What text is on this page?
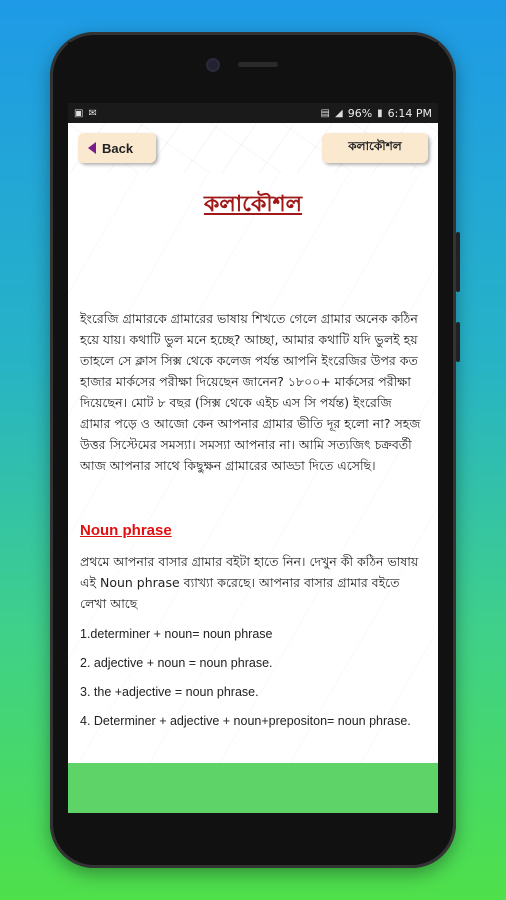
▣ ✉	▤ ◢ 96% ▮ 6:14 PM
Back	কলাকৌশল
কলাকৌশল

ইংরেজি গ্রামারকে গ্রামারের ভাষায় শিখতে গেলে গ্রামার অনেক কঠিন হয়ে যায়। কথাটি ভুল মনে হচ্ছে? আচ্ছা, আমার কথাটি যদি ভুলই হয় তাহলে সে ক্লাস সিক্স থেকে কলেজ পর্যন্ত আপনি ইংরেজির উপর কত হাজার মার্কসের পরীক্ষা দিয়েছেন জানেন? ১৮০০+ মার্কসের পরীক্ষা দিয়েছেন। মোট ৮ বছর (সিক্স থেকে এইচ এস সি পর্যন্ত) ইংরেজি গ্রামার পড়ে ও আজো কেন আপনার গ্রামার ভীতি দূর হলো না? সহজ উত্তর সিস্টেমের সমস্যা। সমস্যা আপনার না। আমি সত্যজিৎ চক্রবর্তী আজ আপনার সাথে কিছুক্ষন গ্রামারের আড্ডা দিতে এসেছি।

Noun phrase

প্রথমে আপনার বাসার গ্রামার বইটা হাতে নিন। দেখুন কী কঠিন ভাষায় এই Noun phrase ব্যাখ্যা করেছে। আপনার বাসার গ্রামার বইতে লেখা আছে

1.determiner + noun= noun phrase

2. adjective + noun = noun phrase.

3. the +adjective = noun phrase.

4. Determiner + adjective + noun+prepositon= noun phrase.
